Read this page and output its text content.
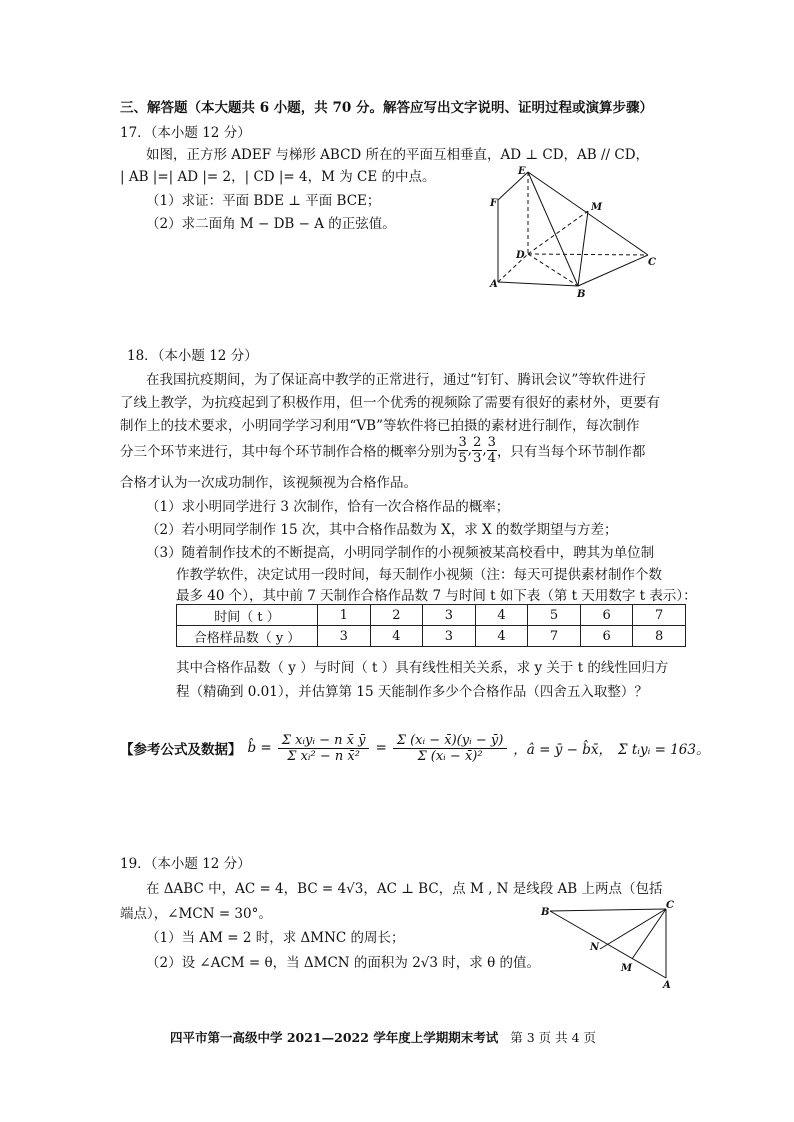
三、解答题（本大题共 6 小题，共 70 分。解答应写出文字说明、证明过程或演算步骤）
17．（本小题 12 分）
如图，正方形 ADEF 与梯形 ABCD 所在的平面互相垂直，AD ⊥ CD，AB // CD，
| AB |=| AD |= 2，| CD |= 4，M 为 CE 的中点。
（1）求证：平面 BDE ⊥ 平面 BCE；
（2）求二面角 M − DB − A 的正弦值。
E
F	M
D
C
A
B
18．（本小题 12 分）
在我国抗疫期间，为了保证高中教学的正常进行，通过“钉钉、腾讯会议”等软件进行
了线上教学，为抗疫起到了积极作用，但一个优秀的视频除了需要有很好的素材外，更要有
制作上的技术要求，小明同学学习利用“VB”等软件将已拍摄的素材进行制作，每次制作
分三个环节来进行，其中每个环节制作合格的概率分别为 $\frac{3}{5}$ , $\frac{2}{3}$ , $\frac{3}{4}$ ，只有当每个环节制作都
合格才认为一次成功制作，该视频视为合格作品。
（1）求小明同学进行 3 次制作，恰有一次合格作品的概率；
（2）若小明同学制作 15 次，其中合格作品数为 X，求 X 的数学期望与方差；
（3）随着制作技术的不断提高，小明同学制作的小视频被某高校看中，聘其为单位制
作教学软件，决定试用一段时间，每天制作小视频（注：每天可提供素材制作个数
最多 40 个），其中前 7 天制作合格作品数 7 与时间 t 如下表（第 t 天用数字 t 表示）：
时间（ t ）	1	2	3	4	5	6	7
合格样品数（ y ）	3	4	3	4	7	6	8
其中合格作品数（ y ）与时间（ t ）具有线性相关关系，求 y 关于 t 的线性回归方
程（精确到 0.01），并估算第 15 天能制作多少个合格作品（四舍五入取整）？
【参考公式及数据】 b̂ = $\frac{\text{Σ xᵢyᵢ − n x̄ ȳ}}{\text{Σ xᵢ² − n x̄²}} = \frac{\text{Σ (xᵢ − x̄)(yᵢ − ȳ)}}{\text{Σ (xᵢ − x̄)²}}$ ，â = ȳ − b̂x̄， Σ tᵢyᵢ = 163。
19．（本小题 12 分）
在 ΔABC 中，AC = 4，BC = 4√3，AC ⊥ BC，点 M , N 是线段 AB 上两点（包括
端点），∠MCN = 30°。
（1）当 AM = 2 时，求 ΔMNC 的周长；
（2）设 ∠ACM = θ，当 ΔMCN 的面积为 2√3 时，求 θ 的值。
B
C
N
M
A
四平市第一高级中学 2021—2022 学年度上学期期末考试 第 3 页 共 4 页
